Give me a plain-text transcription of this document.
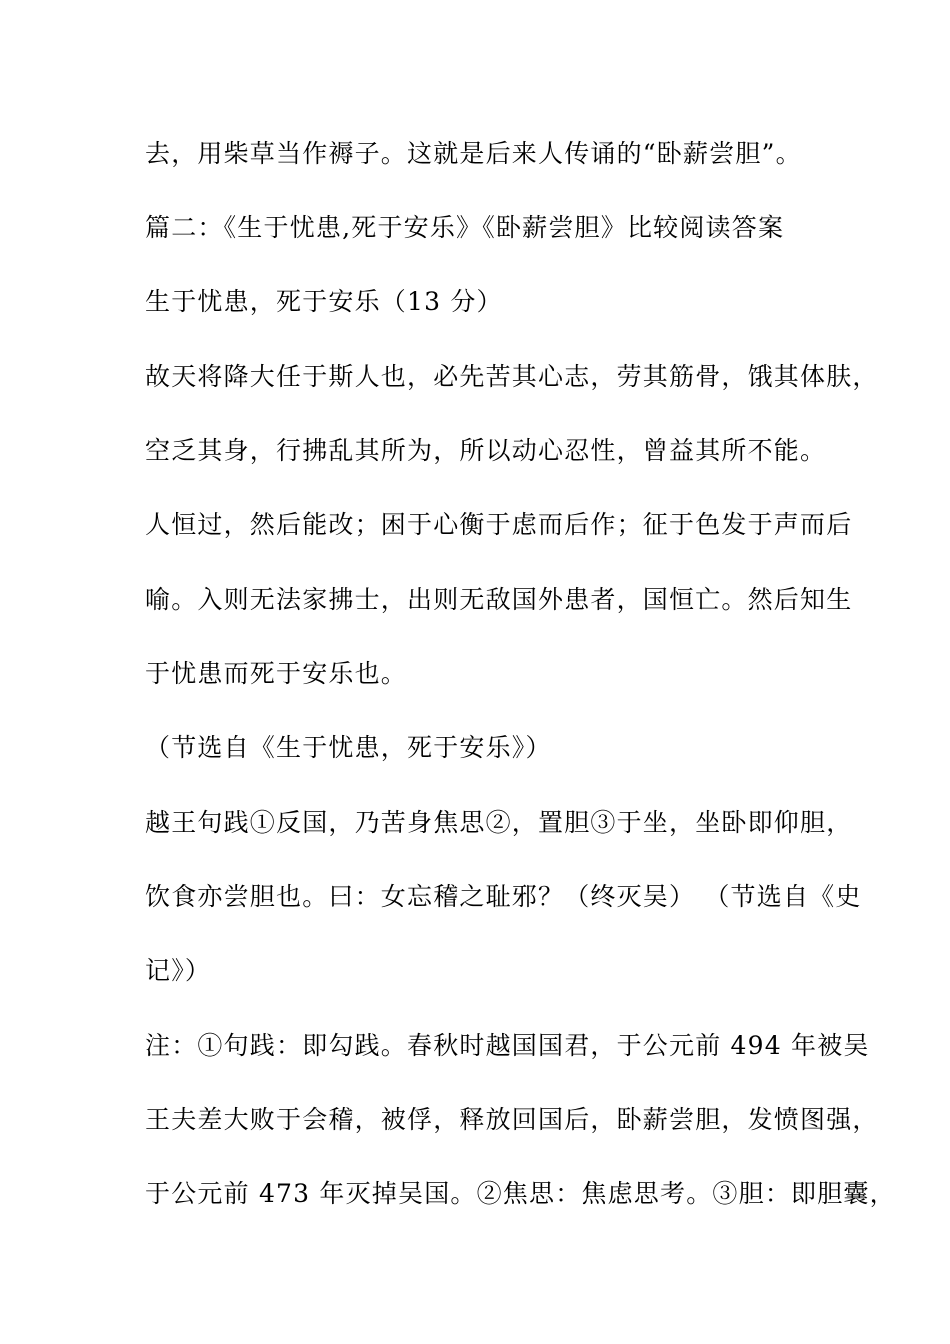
去，用柴草当作褥子。这就是后来人传诵的“卧薪尝胆”。
篇二：《生于忧患,死于安乐》《卧薪尝胆》比较阅读答案
生于忧患，死于安乐（13 分）
故天将降大任于斯人也，必先苦其心志，劳其筋骨，饿其体肤，
空乏其身，行拂乱其所为，所以动心忍性，曾益其所不能。
人恒过，然后能改；困于心衡于虑而后作；征于色发于声而后
喻。入则无法家拂士，出则无敌国外患者，国恒亡。然后知生
于忧患而死于安乐也。
（节选自《生于忧患，死于安乐》）
越王句践①反国，乃苦身焦思②，置胆③于坐，坐卧即仰胆，
饮食亦尝胆也。曰：女忘稽之耻邪？（终灭吴） （节选自《史
记》）
注：①句践：即勾践。春秋时越国国君，于公元前 494 年被吴
王夫差大败于会稽，被俘，释放回国后，卧薪尝胆，发愤图强，
于公元前 473 年灭掉吴国。②焦思：焦虑思考。③胆：即胆囊，
